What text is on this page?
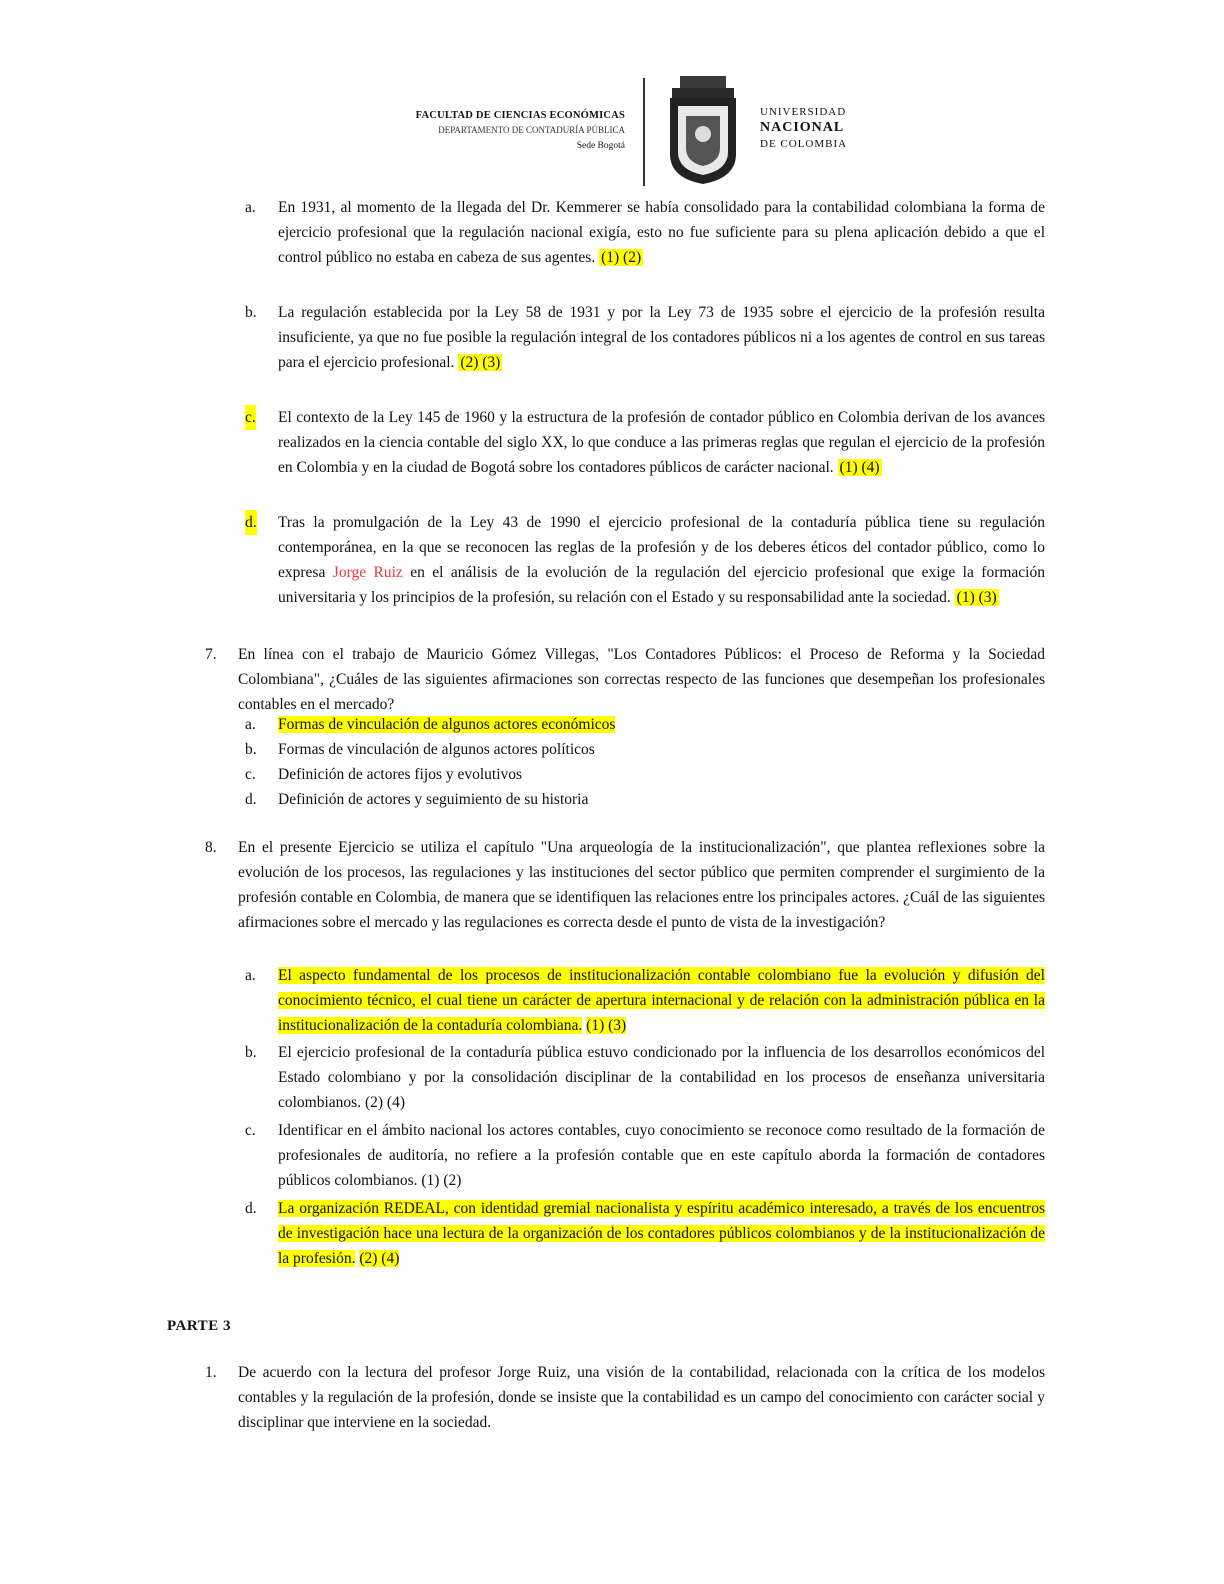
FACULTAD DE CIENCIAS ECONÓMICAS
DEPARTAMENTO DE CONTADURÍA PÚBLICA
Sede Bogotá
UNIVERSIDAD
NACIONAL
DE COLOMBIA
a. En 1931, al momento de la llegada del Dr. Kemmerer se había consolidado para la contabilidad colombiana la forma de ejercicio profesional que la regulación nacional exigía, esto no fue suficiente para su plena aplicación debido a que el control público no estaba en cabeza de sus agentes. (1) (2)
b. La regulación establecida por la Ley 58 de 1931 y por la Ley 73 de 1935 sobre el ejercicio de la profesión resulta insuficiente, ya que no fue posible la regulación integral de los contadores públicos ni a los agentes de control en sus tareas para el ejercicio profesional. (2) (3)
c. El contexto de la Ley 145 de 1960 y la estructura de la profesión de contador público en Colombia derivan de los avances realizados en la ciencia contable del siglo XX, lo que conduce a las primeras reglas que regulan el ejercicio de la profesión en Colombia y en la ciudad de Bogotá sobre los contadores públicos de carácter nacional. (1) (4)
d. Tras la promulgación de la Ley 43 de 1990 el ejercicio profesional de la contaduría pública tiene su regulación contemporánea, en la que se reconocen las reglas de la profesión y de los deberes éticos del contador público, como lo expresa Jorge Ruiz en el análisis de la evolución de la regulación del ejercicio profesional que exige la formación universitaria y los principios de la profesión, su relación con el Estado y su responsabilidad ante la sociedad. (1) (3)
7. En línea con el trabajo de Mauricio Gómez Villegas, "Los Contadores Públicos: el Proceso de Reforma y la Sociedad Colombiana", ¿Cuáles de las siguientes afirmaciones son correctas respecto de las funciones que desempeñan los profesionales contables en el mercado?
a. Formas de vinculación de algunos actores económicos
b. Formas de vinculación de algunos actores políticos
c. Definición de actores fijos y evolutivos
d. Definición de actores y seguimiento de su historia
8. En el presente Ejercicio se utiliza el capítulo "Una arqueología de la institucionalización", que plantea reflexiones sobre la evolución de los procesos, las regulaciones y las instituciones del sector público que permiten comprender el surgimiento de la profesión contable en Colombia, de manera que se identifiquen las relaciones entre los principales actores. ¿Cuál de las siguientes afirmaciones sobre el mercado y las regulaciones es correcta desde el punto de vista de la investigación?
a. El aspecto fundamental de los procesos de institucionalización contable colombiano fue la evolución y difusión del conocimiento técnico, el cual tiene un carácter de apertura internacional y de relación con la administración pública en la institucionalización de la contaduría colombiana. (1) (3)
b. El ejercicio profesional de la contaduría pública estuvo condicionado por la influencia de los desarrollos económicos del Estado colombiano y por la consolidación disciplinar de la contabilidad en los procesos de enseñanza universitaria colombianos. (2) (4)
c. Identificar en el ámbito nacional los actores contables, cuyo conocimiento se reconoce como resultado de la formación de profesionales de auditoría, no refiere a la profesión contable que en este capítulo aborda la formación de contadores públicos colombianos. (1) (2)
d. La organización REDEAL, con identidad gremial nacionalista y espíritu académico interesado, a través de los encuentros de investigación hace una lectura de la organización de los contadores públicos colombianos y de la institucionalización de la profesión. (2) (4)
PARTE 3
1. De acuerdo con la lectura del profesor Jorge Ruiz, una visión de la contabilidad, relacionada con la crítica de los modelos contables y la regulación de la profesión, donde se insiste que la contabilidad es un campo del conocimiento con carácter social y disciplinar que interviene en la sociedad.
